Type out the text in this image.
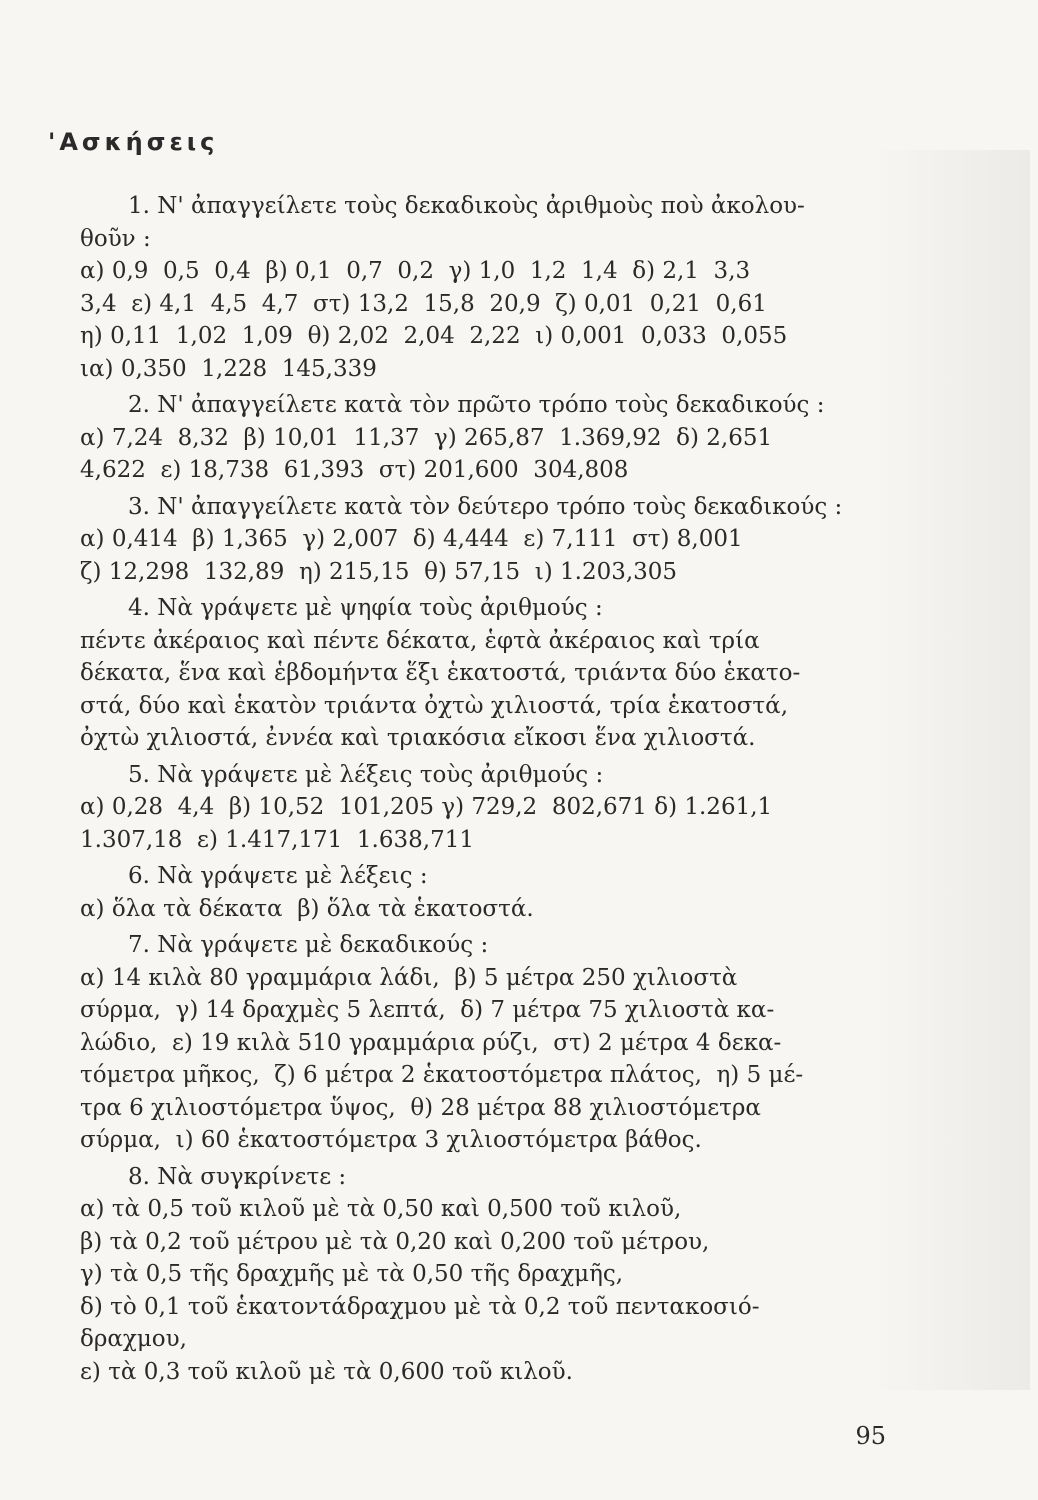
'Ασκήσεις
1. Ν' ἀπαγγείλετε τοὺς δεκαδικοὺς ἀριθμοὺς ποὺ ἀκολου-
θοῦν :
α) 0,9  0,5  0,4  β) 0,1  0,7  0,2  γ) 1,0  1,2  1,4  δ) 2,1  3,3
3,4  ε) 4,1  4,5  4,7  στ) 13,2  15,8  20,9  ζ) 0,01  0,21  0,61
η) 0,11  1,02  1,09  θ) 2,02  2,04  2,22  ι) 0,001  0,033  0,055
ια) 0,350  1,228  145,339
2. Ν' ἀπαγγείλετε κατὰ τὸν πρῶτο τρόπο τοὺς δεκαδικούς :
α) 7,24  8,32  β) 10,01  11,37  γ) 265,87  1.369,92  δ) 2,651
4,622  ε) 18,738  61,393  στ) 201,600  304,808
3. Ν' ἀπαγγείλετε κατὰ τὸν δεύτερο τρόπο τοὺς δεκαδικούς :
α) 0,414  β) 1,365  γ) 2,007  δ) 4,444  ε) 7,111  στ) 8,001
ζ) 12,298  132,89  η) 215,15  θ) 57,15  ι) 1.203,305
4. Νὰ γράψετε μὲ ψηφία τοὺς ἀριθμούς :
πέντε ἀκέραιος καὶ πέντε δέκατα, ἑφτὰ ἀκέραιος καὶ τρία
δέκατα, ἕνα καὶ ἑβδομήντα ἕξι ἑκατοστά, τριάντα δύο ἑκατο-
στά, δύο καὶ ἑκατὸν τριάντα ὀχτὼ χιλιοστά, τρία ἑκατοστά,
ὀχτὼ χιλιοστά, ἐννέα καὶ τριακόσια εἴκοσι ἕνα χιλιοστά.
5. Νὰ γράψετε μὲ λέξεις τοὺς ἀριθμούς :
α) 0,28  4,4  β) 10,52  101,205 γ) 729,2  802,671 δ) 1.261,1
1.307,18  ε) 1.417,171  1.638,711
6. Νὰ γράψετε μὲ λέξεις :
α) ὅλα τὰ δέκατα  β) ὅλα τὰ ἑκατοστά.
7. Νὰ γράψετε μὲ δεκαδικούς :
α) 14 κιλὰ 80 γραμμάρια λάδι,  β) 5 μέτρα 250 χιλιοστὰ
σύρμα,  γ) 14 δραχμὲς 5 λεπτά,  δ) 7 μέτρα 75 χιλιοστὰ κα-
λώδιο,  ε) 19 κιλὰ 510 γραμμάρια ρύζι,  στ) 2 μέτρα 4 δεκα-
τόμετρα μῆκος,  ζ) 6 μέτρα 2 ἑκατοστόμετρα πλάτος,  η) 5 μέ-
τρα 6 χιλιοστόμετρα ὕψος,  θ) 28 μέτρα 88 χιλιοστόμετρα
σύρμα,  ι) 60 ἑκατοστόμετρα 3 χιλιοστόμετρα βάθος.
8. Νὰ συγκρίνετε :
α) τὰ 0,5 τοῦ κιλοῦ μὲ τὰ 0,50 καὶ 0,500 τοῦ κιλοῦ,
β) τὰ 0,2 τοῦ μέτρου μὲ τὰ 0,20 καὶ 0,200 τοῦ μέτρου,
γ) τὰ 0,5 τῆς δραχμῆς μὲ τὰ 0,50 τῆς δραχμῆς,
δ) τὸ 0,1 τοῦ ἑκατοντάδραχμου μὲ τὰ 0,2 τοῦ πεντακοσιό-
δραχμου,
ε) τὰ 0,3 τοῦ κιλοῦ μὲ τὰ 0,600 τοῦ κιλοῦ.
95
